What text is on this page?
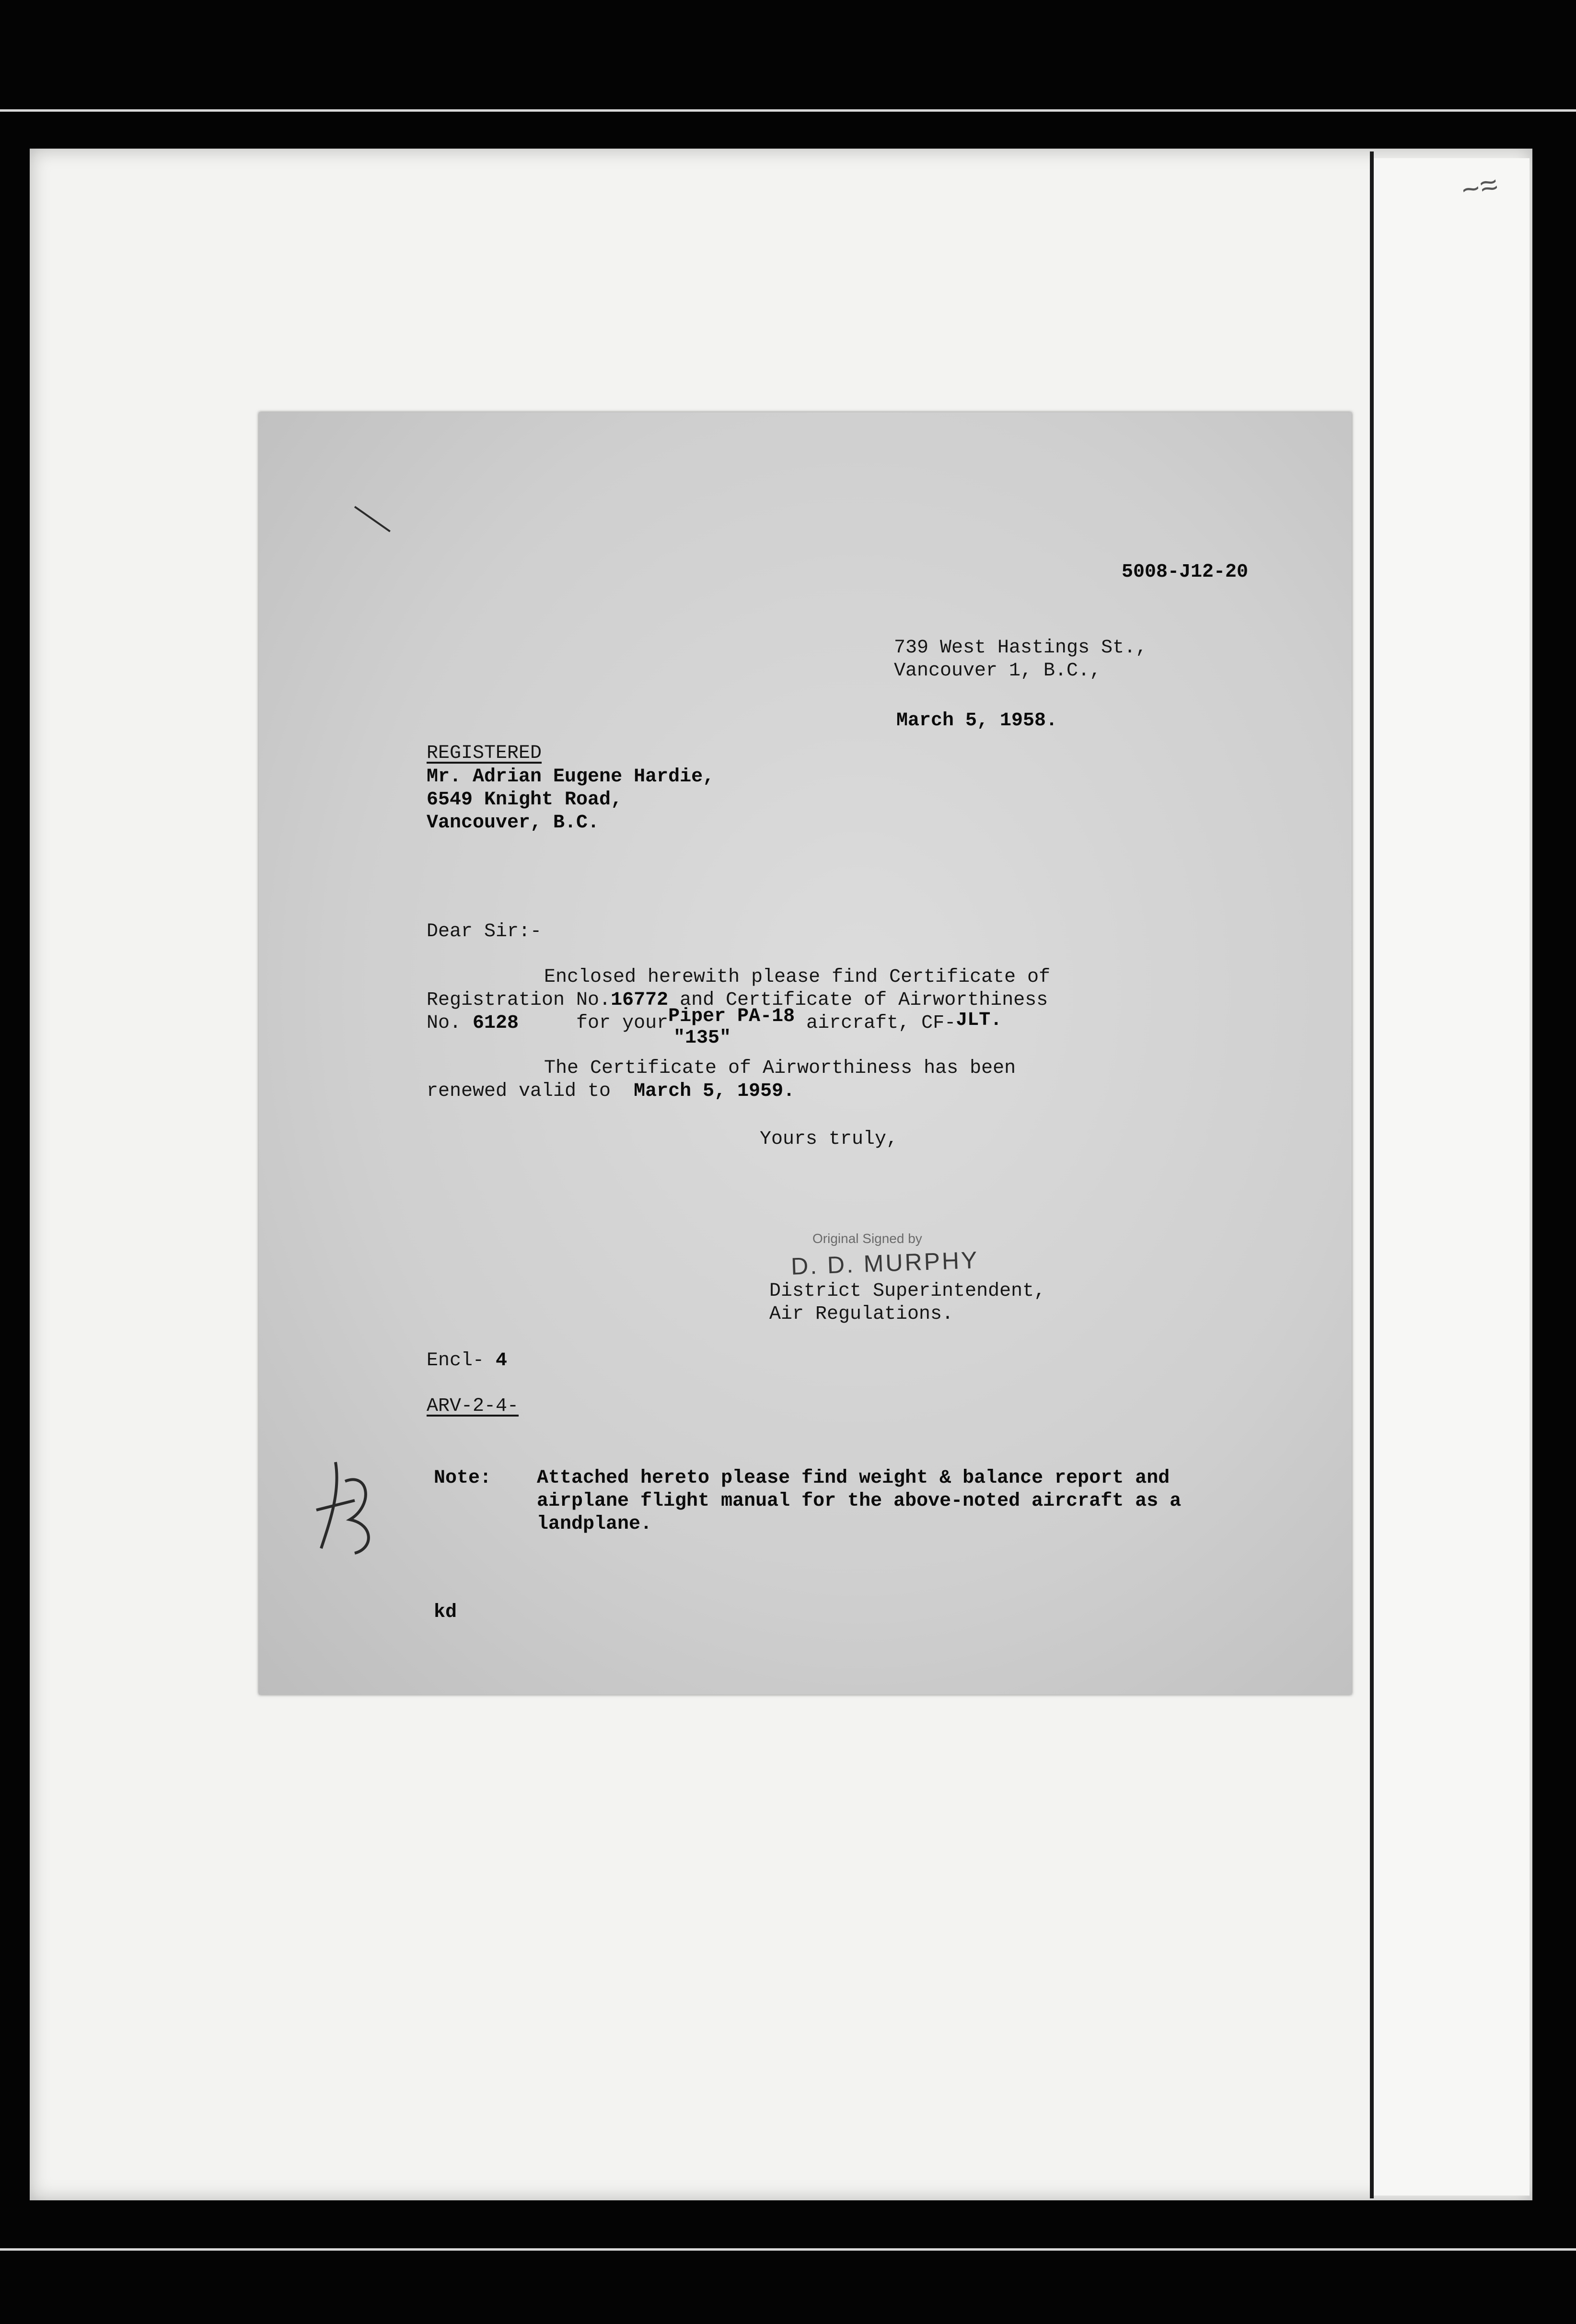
~≈
5008-J12-20
739 West Hastings St.,
Vancouver 1, B.C.,
March 5, 1958.
REGISTERED
Mr. Adrian Eugene Hardie,
6549 Knight Road,
Vancouver, B.C.
Dear Sir:-
Enclosed herewith please find Certificate of
Registration No.16772 and Certificate of Airworthiness
No. 6128     for yourPiper PA-18 aircraft, CF-JLT.
"135"
The Certificate of Airworthiness has been
renewed valid to  March 5, 1959.
Yours truly,
Original Signed by
D. D. MURPHY
District Superintendent,
Air Regulations.
Encl- 4
ARV-2-4-
Note: Attached hereto please find weight & balance report and
airplane flight manual for the above-noted aircraft as a
landplane.
kd
